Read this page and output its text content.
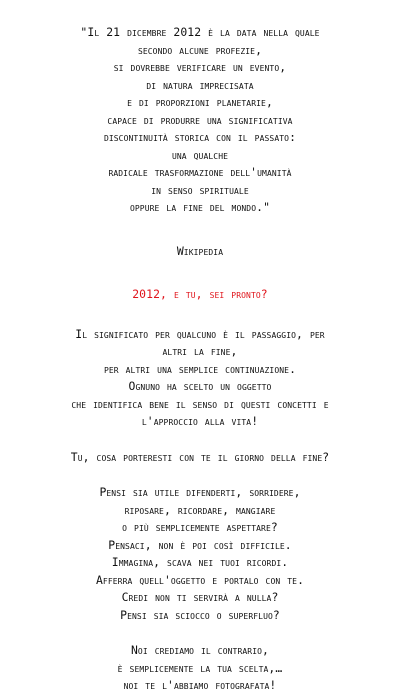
"Il 21 dicembre 2012 è la data nella quale
secondo alcune profezie,
si dovrebbe verificare un evento,
di natura imprecisata
e di proporzioni planetarie,
capace di produrre una significativa
discontinuità storica con il passato:
una qualche
radicale trasformazione dell'umanità
in senso spirituale
oppure la fine del mondo."
Wikipedia
2012, e tu, sei pronto?
Il significato per qualcuno è il passaggio, per
altri la fine,
per altri una semplice continuazione.
Ognuno ha scelto un oggetto
che identifica bene il senso di questi concetti e
l'approccio alla vita!
Tu, cosa porteresti con te il giorno della fine?
Pensi sia utile difenderti, sorridere,
riposare, ricordare, mangiare
o più semplicemente aspettare?
Pensaci, non è poi così difficile.
Immagina, scava nei tuoi ricordi.
Afferra quell'oggetto e portalo con te.
Credi non ti servirà a nulla?
Pensi sia sciocco o superfluo?
Noi crediamo il contrario,
è semplicemente la tua scelta,…
noi te l'abbiamo fotografata!
